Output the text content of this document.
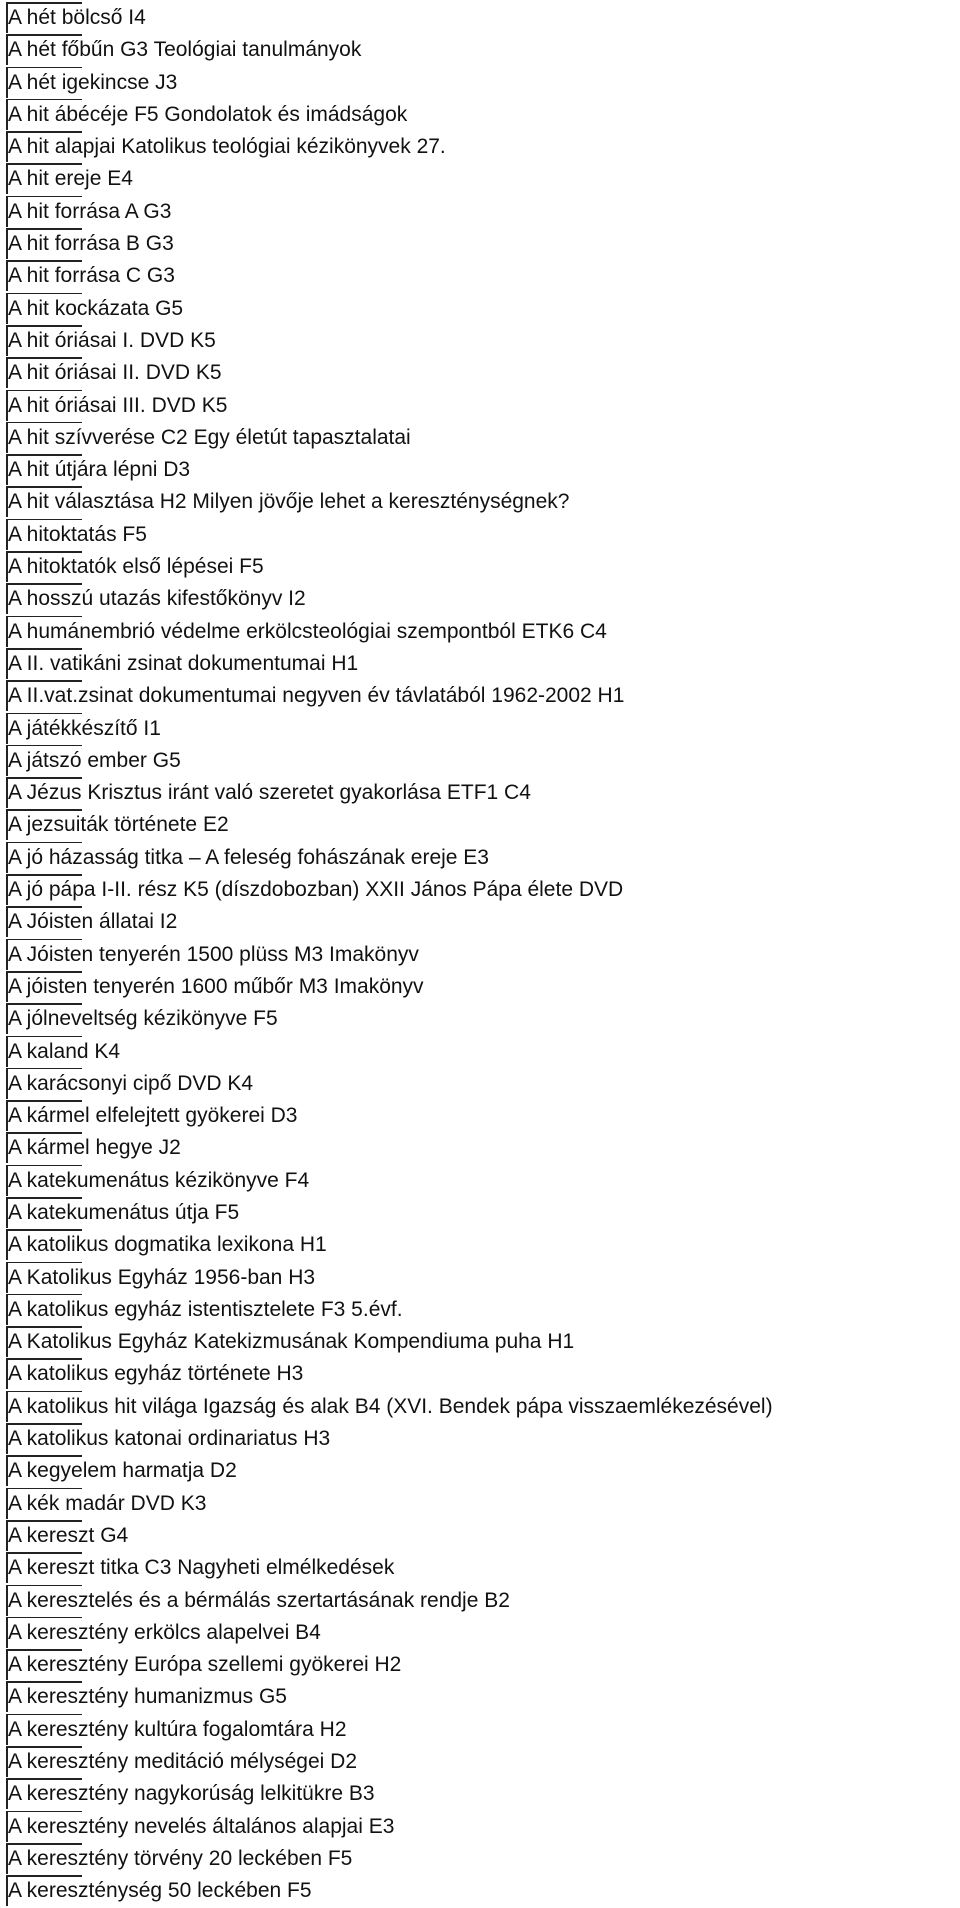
A hét bölcső I4
A hét főbűn G3 Teológiai tanulmányok
A hét igekincse J3
A hit ábécéje F5 Gondolatok és imádságok
A hit alapjai Katolikus teológiai kézikönyvek 27.
A hit ereje E4
A hit forrása A G3
A hit forrása B G3
A hit forrása C G3
A hit kockázata G5
A hit óriásai I. DVD K5
A hit óriásai II. DVD K5
A hit óriásai III. DVD K5
A hit szívverése C2 Egy életút tapasztalatai
A hit útjára lépni D3
A hit választása H2 Milyen jövője lehet a kereszténységnek?
A hitoktatás F5
A hitoktatók első lépései F5
A hosszú utazás kifestőkönyv I2
A humánembrió védelme erkölcsteológiai szempontból ETK6 C4
A II. vatikáni zsinat dokumentumai H1
A II.vat.zsinat dokumentumai negyven év távlatából 1962-2002 H1
A játékkészítő I1
A játszó ember G5
A Jézus Krisztus iránt való szeretet gyakorlása ETF1 C4
A jezsuiták története E2
A jó házasság titka – A feleség fohászának ereje E3
A jó pápa I-II. rész K5 (díszdobozban) XXII János Pápa élete DVD
A Jóisten állatai I2
A Jóisten tenyerén 1500 plüss M3 Imakönyv
A jóisten tenyerén 1600 műbőr M3 Imakönyv
A jólneveltség kézikönyve F5
A kaland K4
A karácsonyi cipő DVD K4
A kármel elfelejtett gyökerei D3
A kármel hegye J2
A katekumenátus kézikönyve F4
A katekumenátus útja F5
A katolikus dogmatika lexikona H1
A Katolikus Egyház 1956-ban H3
A katolikus egyház istentisztelete F3 5.évf.
A Katolikus Egyház Katekizmusának Kompendiuma puha H1
A katolikus egyház története H3
A katolikus hit világa Igazság és alak B4 (XVI. Bendek pápa visszaemlékezésével)
A katolikus katonai ordinariatus H3
A kegyelem harmatja D2
A kék madár DVD K3
A kereszt G4
A kereszt titka C3 Nagyheti elmélkedések
A keresztelés és a bérmálás szertartásának rendje B2
A keresztény erkölcs alapelvei B4
A keresztény Európa szellemi gyökerei H2
A keresztény humanizmus G5
A keresztény kultúra fogalomtára H2
A keresztény meditáció mélységei D2
A keresztény nagykorúság lelkitükre B3
A keresztény nevelés általános alapjai E3
A keresztény törvény 20 leckében F5
A kereszténység 50 leckében F5
